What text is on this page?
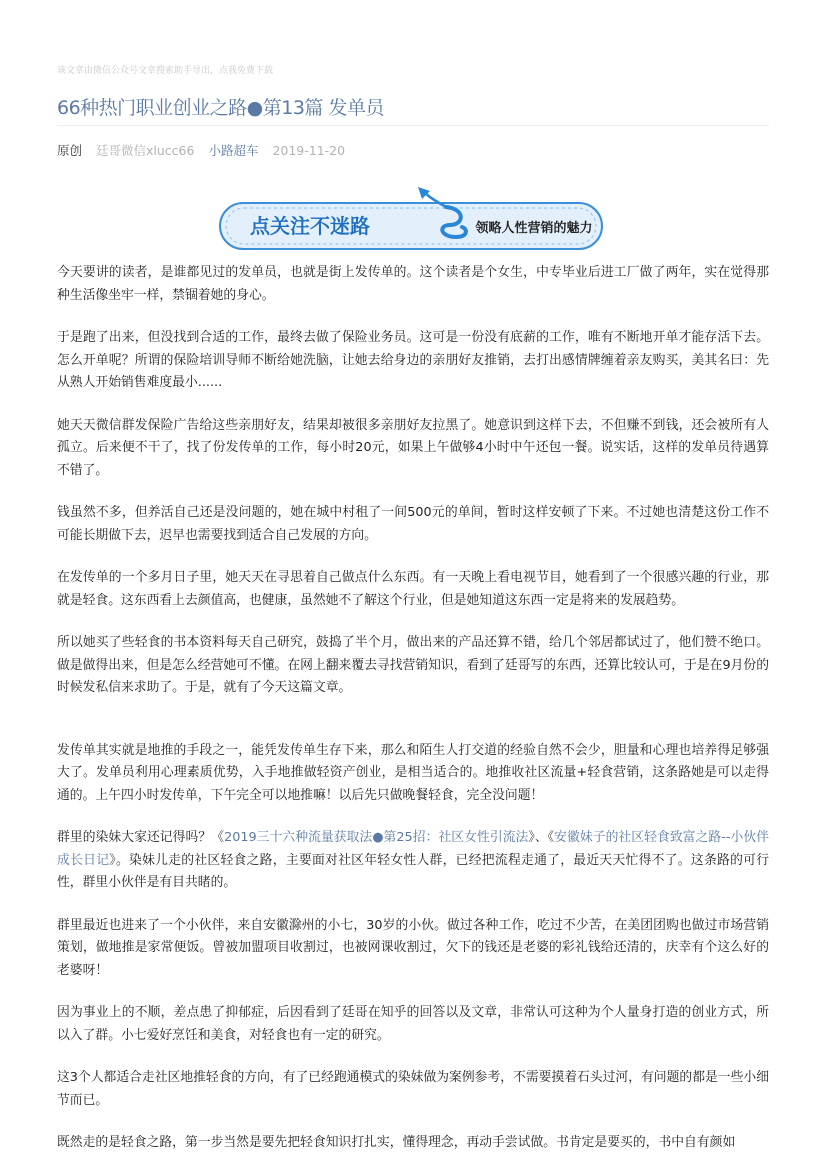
该文章由微信公众号文章搜索助手导出，点我免费下载
66种热门职业创业之路●第13篇 发单员
原创 廷哥微信xlucc66 小路超车 2019-11-20
点关注不迷路	领略人性营销的魅力

今天要讲的读者，是谁都见过的发单员，也就是街上发传单的。这个读者是个女生，中专毕业后进工厂做了两年，实在觉得那种生活像坐牢一样，禁锢着她的身心。

于是跑了出来，但没找到合适的工作，最终去做了保险业务员。这可是一份没有底薪的工作，唯有不断地开单才能存活下去。怎么开单呢？所谓的保险培训导师不断给她洗脑，让她去给身边的亲朋好友推销，去打出感情牌缠着亲友购买，美其名曰：先从熟人开始销售难度最小......

她天天微信群发保险广告给这些亲朋好友，结果却被很多亲朋好友拉黑了。她意识到这样下去，不但赚不到钱，还会被所有人孤立。后来便不干了，找了份发传单的工作，每小时20元，如果上午做够4小时中午还包一餐。说实话，这样的发单员待遇算不错了。

钱虽然不多，但养活自己还是没问题的，她在城中村租了一间500元的单间，暂时这样安顿了下来。不过她也清楚这份工作不可能长期做下去，迟早也需要找到适合自己发展的方向。

在发传单的一个多月日子里，她天天在寻思着自己做点什么东西。有一天晚上看电视节目，她看到了一个很感兴趣的行业，那就是轻食。这东西看上去颜值高，也健康，虽然她不了解这个行业，但是她知道这东西一定是将来的发展趋势。

所以她买了些轻食的书本资料每天自己研究，鼓捣了半个月，做出来的产品还算不错，给几个邻居都试过了，他们赞不绝口。做是做得出来，但是怎么经营她可不懂。在网上翻来覆去寻找营销知识，看到了廷哥写的东西，还算比较认可，于是在9月份的时候发私信来求助了。于是，就有了今天这篇文章。

发传单其实就是地推的手段之一，能凭发传单生存下来，那么和陌生人打交道的经验自然不会少，胆量和心理也培养得足够强大了。发单员利用心理素质优势，入手地推做轻资产创业，是相当适合的。地推收社区流量+轻食营销，这条路她是可以走得通的。上午四小时发传单，下午完全可以地推嘛！以后先只做晚餐轻食，完全没问题！

群里的染妹大家还记得吗？《2019三十六种流量获取法●第25招：社区女性引流法》、《安徽妹子的社区轻食致富之路--小伙伴成长日记》。染妹儿走的社区轻食之路，主要面对社区年轻女性人群，已经把流程走通了，最近天天忙得不了。这条路的可行性，群里小伙伴是有目共睹的。

群里最近也进来了一个小伙伴，来自安徽滁州的小七，30岁的小伙。做过各种工作，吃过不少苦，在美团团购也做过市场营销策划，做地推是家常便饭。曾被加盟项目收割过，也被网课收割过，欠下的钱还是老婆的彩礼钱给还清的，庆幸有个这么好的老婆呀！

因为事业上的不顺，差点患了抑郁症，后因看到了廷哥在知乎的回答以及文章，非常认可这种为个人量身打造的创业方式，所以入了群。小七爱好烹饪和美食，对轻食也有一定的研究。

这3个人都适合走社区地推轻食的方向，有了已经跑通模式的染妹做为案例参考，不需要摸着石头过河，有问题的都是一些小细节而已。

既然走的是轻食之路，第一步当然是要先把轻食知识打扎实，懂得理念，再动手尝试做。书肯定是要买的，书中自有颜如
